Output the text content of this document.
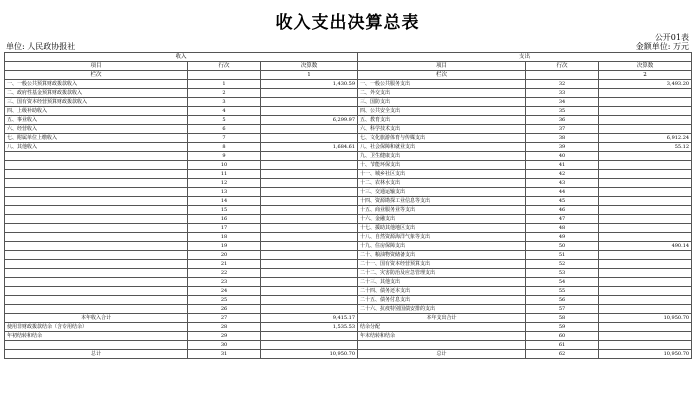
收入支出决算总表
公开01表
单位: 人民政协报社	金额单位: 万元
收入			支出		
项目	行次	决算数	项目	行次	决算数
栏次		1	栏次		2
一、一般公共预算财政拨款收入	1	1,430.59	一、一般公共服务支出	32	3,493.20
二、政府性基金预算财政拨款收入	2		二、外交支出	33	
三、国有资本经营预算财政拨款收入	3		三、国防支出	34	
四、上级补助收入	4		四、公共安全支出	35	
五、事业收入	5	6,299.97	五、教育支出	36	
六、经营收入	6		六、科学技术支出	37	
七、附属单位上缴收入	7		七、文化旅游体育与传媒支出	38	6,912.24
八、其他收入	8	1,684.61	八、社会保障和就业支出	39	55.12
	9		九、卫生健康支出	40	
	10		十、节能环保支出	41	
	11		十一、城乡社区支出	42	
	12		十二、农林水支出	43	
	13		十三、交通运输支出	44	
	14		十四、资源勘探工业信息等支出	45	
	15		十五、商业服务业等支出	46	
	16		十六、金融支出	47	
	17		十七、援助其他地区支出	48	
	18		十八、自然资源海洋气象等支出	49	
	19		十九、住房保障支出	50	490.14
	20		二十、粮油物资储备支出	51	
	21		二十一、国有资本经营预算支出	52	
	22		二十二、灾害防治及应急管理支出	53	
	23		二十三、其他支出	54	
	24		二十四、债务还本支出	55	
	25		二十五、债务付息支出	56	
	26		二十六、抗疫特别国债安排的支出	57	
本年收入合计	27	9,415.17	本年支出合计	58	10,950.70
使用非财政拨款结余（含专用结余）	28	1,535.53	结余分配	59	
年初结转和结余	29		年末结转和结余	60	
	30			61	
总计	31	10,950.70	总计	62	10,950.70
